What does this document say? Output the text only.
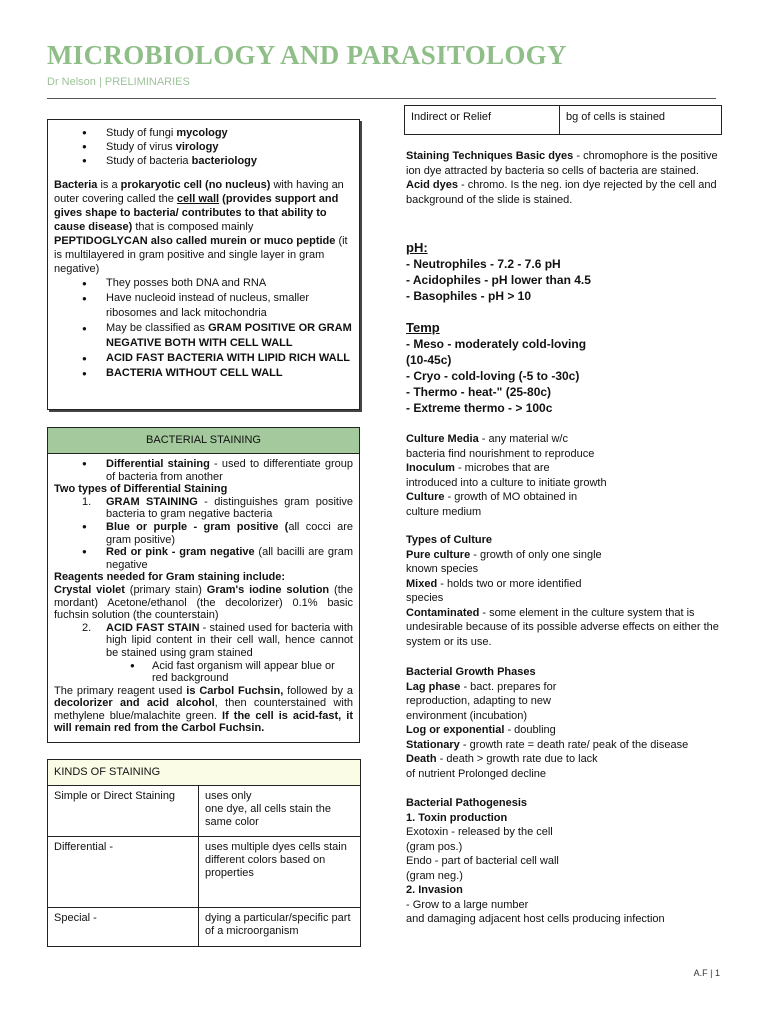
MICROBIOLOGY AND PARASITOLOGY
Dr Nelson | PRELIMINARIES
● Study of fungi mycology
● Study of virus virology
● Study of bacteria bacteriology
Bacteria is a prokaryotic cell (no nucleus) with having an outer covering called the cell wall (provides support and gives shape to bacteria/ contributes to that ability to cause disease) that is composed mainly PEPTIDOGLYCAN also called murein or muco peptide (it is multilayered in gram positive and single layer in gram negative)
● They posses both DNA and RNA
● Have nucleoid instead of nucleus, smaller ribosomes and lack mitochondria
● May be classified as GRAM POSITIVE OR GRAM NEGATIVE BOTH WITH CELL WALL
● ACID FAST BACTERIA WITH LIPID RICH WALL
● BACTERIA WITHOUT CELL WALL
BACTERIAL STAINING
● Differential staining - used to differentiate group of bacteria from another
Two types of Differential Staining
1. GRAM STAINING - distinguishes gram positive bacteria to gram negative bacteria
● Blue or purple - gram positive (all cocci are gram positive)
● Red or pink - gram negative (all bacilli are gram negative
Reagents needed for Gram staining include:
Crystal violet (primary stain) Gram's iodine solution (the mordant) Acetone/ethanol (the decolorizer) 0.1% basic fuchsin solution (the counterstain)
2. ACID FAST STAIN - stained used for bacteria with high lipid content in their cell wall, hence cannot be stained using gram stained
● Acid fast organism will appear blue or red background
The primary reagent used is Carbol Fuchsin, followed by a decolorizer and acid alcohol, then counterstained with methylene blue/malachite green. If the cell is acid-fast, it will remain red from the Carbol Fuchsin.
KINDS OF STAINING	
Simple or Direct Staining	uses only
one dye, all cells stain the same color
Differential -	uses multiple dyes cells stain different colors based on
properties
Special -	dying a particular/specific part of a microorganism
Indirect or Relief	bg of cells is stained
Staining Techniques Basic dyes - chromophore is the positive ion dye attracted by bacteria so cells of bacteria are stained.
Acid dyes - chromo. Is the neg. ion dye rejected by the cell and background of the slide is stained.
pH:
- Neutrophiles - 7.2 - 7.6 pH
- Acidophiles - pH lower than 4.5
- Basophiles - pH > 10
Temp
- Meso - moderately cold-loving
(10-45c)
- Cryo - cold-loving (-5 to -30c)
- Thermo - heat-" (25-80c)
- Extreme thermo - > 100c
Culture Media - any material w/c
bacteria find nourishment to reproduce
Inoculum - microbes that are
introduced into a culture to initiate growth
Culture - growth of MO obtained in
culture medium
Types of Culture
Pure culture - growth of only one single
known species
Mixed - holds two or more identified
species
Contaminated - some element in the culture system that is undesirable because of its possible adverse effects on either the system or its use.
Bacterial Growth Phases
Lag phase - bact. prepares for
reproduction, adapting to new
environment (incubation)
Log or exponential - doubling
Stationary - growth rate = death rate/ peak of the disease
Death - death > growth rate due to lack
of nutrient Prolonged decline
Bacterial Pathogenesis
1. Toxin production
Exotoxin - released by the cell
(gram pos.)
Endo - part of bacterial cell wall
(gram neg.)
2. Invasion
- Grow to a large number
and damaging adjacent host cells producing infection
A.F | 1
